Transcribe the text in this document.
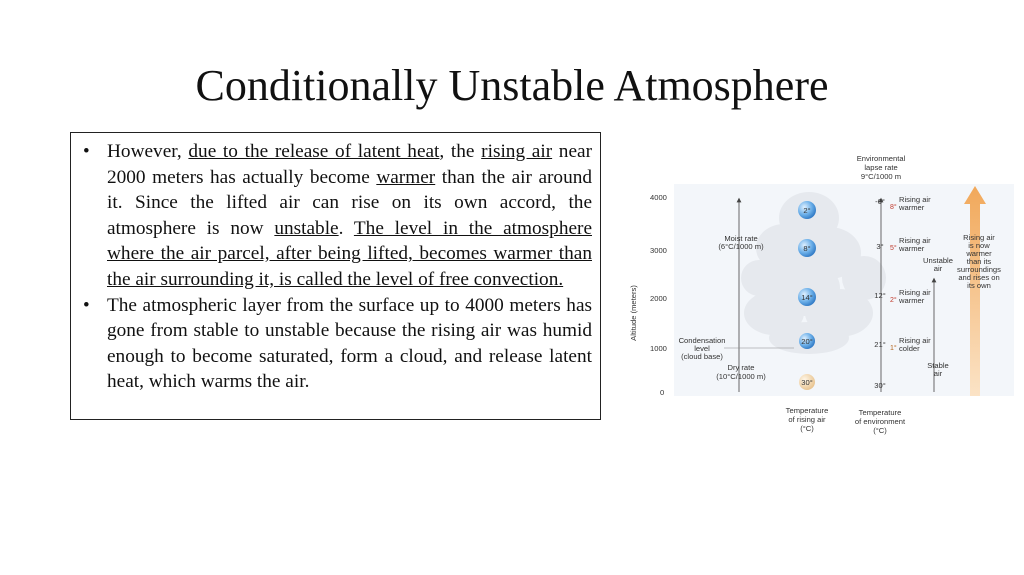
Conditionally Unstable Atmosphere
• However, due to the release of latent heat, the rising air near 2000 meters has actually become warmer than the air around it. Since the lifted air can rise on its own accord, the atmosphere is now unstable. The level in the atmosphere where the air parcel, after being lifted, becomes warmer than the air surrounding it, is called the level of free convection.
• The atmospheric layer from the surface up to 4000 meters has gone from stable to unstable because the rising air was humid enough to become saturated, form a cloud, and release latent heat, which warms the air.
Altitude (meters)
4000
3000
2000
1000
0
Environmental
lapse rate
9°C/1000 m
Moist rate
(6°C/1000 m)
Condensation
level
(cloud base)
Dry rate
(10°C/1000 m)
2°
8°
14°
20°
30°
-6°
3°
12°
21°
30°
8°
5°
2°
1°
Rising air
warmer
Rising air
warmer
Rising air
warmer
Rising air
colder
Unstable
air
Stable
air
Rising air
is now
warmer
than its
surroundings
and rises on
its own
Temperature
of rising air
(°C)
Temperature
of environment
(°C)
